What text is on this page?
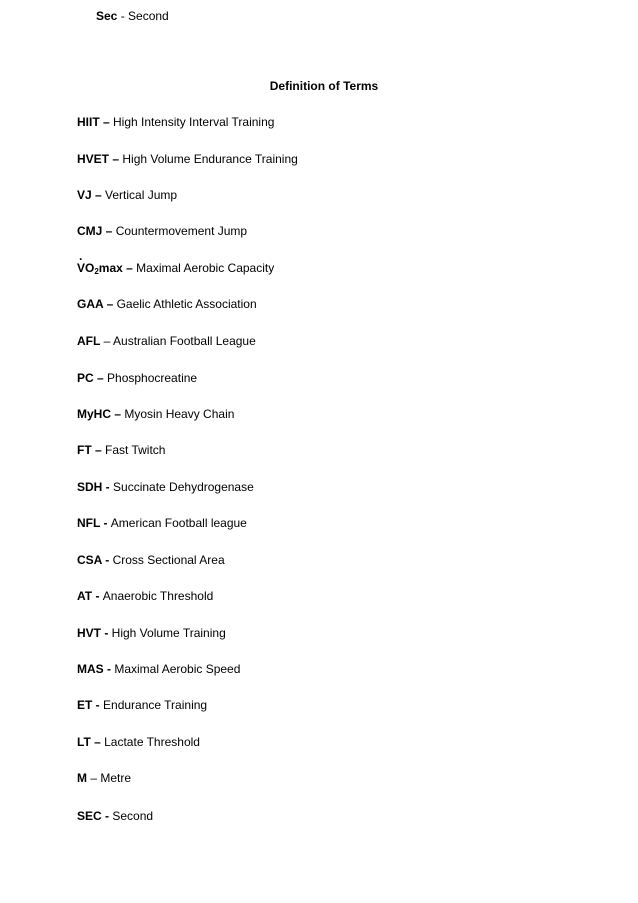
Sec - Second
Definition of Terms
HIIT – High Intensity Interval Training
HVET – High Volume Endurance Training
VJ – Vertical Jump
CMJ – Countermovement Jump
· $VO_2\max$ – Maximal Aerobic Capacity
GAA – Gaelic Athletic Association
AFL – Australian Football League
PC – Phosphocreatine
MyHC – Myosin Heavy Chain
FT – Fast Twitch
SDH - Succinate Dehydrogenase
NFL - American Football league
CSA - Cross Sectional Area
AT - Anaerobic Threshold
HVT - High Volume Training
MAS - Maximal Aerobic Speed
ET - Endurance Training
LT – Lactate Threshold
M – Metre
SEC - Second
